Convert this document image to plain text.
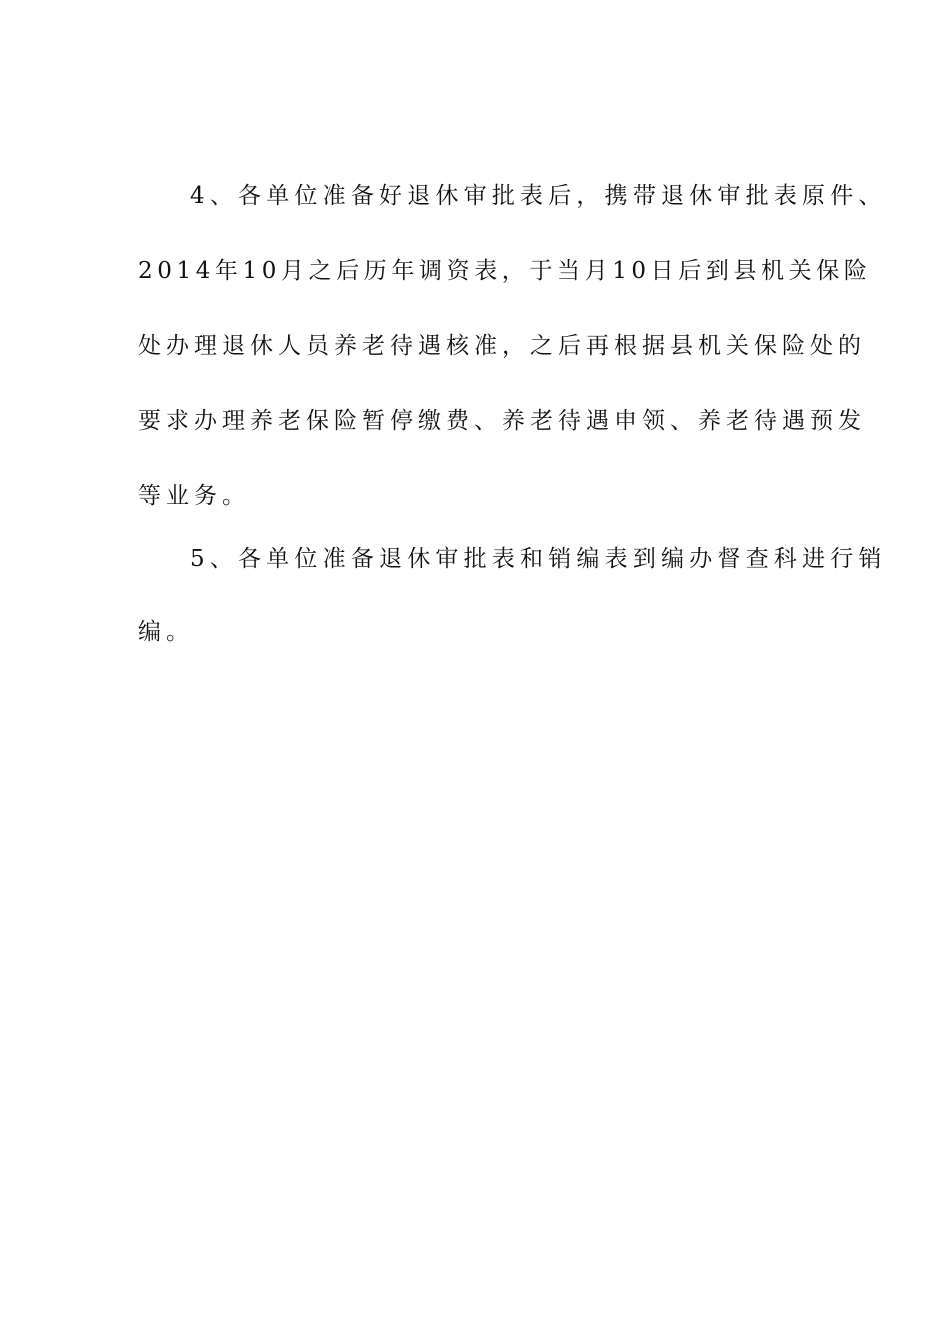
4、各单位准备好退休审批表后，携带退休审批表原件、
2014年10月之后历年调资表，于当月10日后到县机关保险
处办理退休人员养老待遇核准，之后再根据县机关保险处的
要求办理养老保险暂停缴费、养老待遇申领、养老待遇预发
等业务。
5、各单位准备退休审批表和销编表到编办督查科进行销
编。
